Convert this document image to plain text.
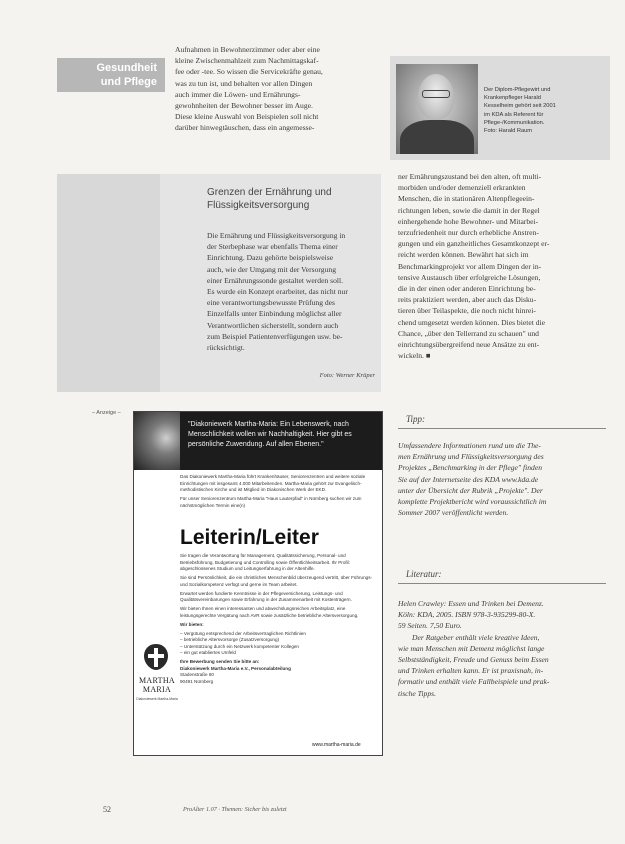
Gesundheit
und Pflege

Aufnahmen in Bewohnerzimmer oder aber eine

kleine Zwischenmahlzeit zum Nachmittagskaf-

fee oder -tee. So wissen die Servicekräfte genau,

was zu tun ist, und behalten vor allen Dingen

auch immer die Löwen- und Ernährungs-

gewohnheiten der Bewohner besser im Auge.

Diese kleine Auswahl von Beispielen soll nicht

darüber hinwegtäuschen, dass ein angemesse-

Der Diplom-Pflegewirt und
Krankenpfleger Harald
Kesselheim gehört seit 2001
im KDA als Referent für
Pflege-/Kommunikation.
Foto: Harald Raum
Grenzen der Ernährung und
Flüssigkeitsversorgung

Die Ernährung und Flüssigkeitsversorgung in

der Sterbephase war ebenfalls Thema einer

Einrichtung. Dazu gehörte beispielsweise

auch, wie der Umgang mit der Versorgung

einer Ernährungssonde gestaltet werden soll.

Es wurde ein Konzept erarbeitet, das nicht nur

eine verantwortungsbewusste Prüfung des

Einzelfalls unter Einbindung möglichst aller

Verantwortlichen sicherstellt, sondern auch

zum Beispiel Patientenverfügungen usw. be-

rücksichtigt.

Foto: Werner Krüper

ner Ernährungszustand bei den alten, oft multi-

morbiden und/oder demenziell erkrankten

Menschen, die in stationären Altenpflegeein-

richtungen leben, sowie die damit in der Regel

einhergehende hohe Bewohner- und Mitarbei-

terzufriedenheit nur durch erhebliche Anstren-

gungen und ein ganzheitliches Gesamtkonzept er-

reicht werden können. Bewährt hat sich im

Benchmarkingprojekt vor allem Dingen der in-

tensive Austausch über erfolgreiche Lösungen,

die in der einen oder anderen Einrichtung be-

reits praktiziert werden, aber auch das Disku-

tieren über Teilaspekte, die noch nicht hinrei-

chend umgesetzt werden können. Dies bietet die

Chance, „über den Tellerrand zu schauen" und

einrichtungsübergreifend neue Ansätze zu ent-

wickeln. ■

Tipp:

Umfassendere Informationen rund um die The-

men Ernährung und Flüssigkeitsversorgung des

Projektes „Benchmarking in der Pflege" finden

Sie auf der Internetseite des KDA www.kda.de

unter der Übersicht der Rubrik „Projekte". Der

komplette Projektbericht wird voraussichtlich im

Sommer 2007 veröffentlicht werden.

Literatur:

Helen Crawley: Essen und Trinken bei Demenz.

Köln: KDA, 2005. ISBN 978-3-935299-80-X.

59 Seiten. 7,50 Euro.

Der Ratgeber enthält viele kreative Ideen,

wie man Menschen mit Demenz möglichst lange

Selbstständigkeit, Freude und Genuss beim Essen

und Trinken erhalten kann. Er ist praxisnah, in-

formativ und enthält viele Fallbeispiele und prak-

tische Tipps.

– Anzeige –
"Diakoniewerk Martha-Maria: Ein Lebenswerk, nach Menschlichkeit wollen wir Nachhaltigkeit. Hier gibt es persönliche Zuwendung. Auf allen Ebenen."

Das Diakoniewerk Martha-Maria führt Krankenhäuser, Seniorenzentren und weitere soziale Einrichtungen mit insgesamt 4.000 Mitarbeitenden. Martha-Maria gehört zur Evangelisch-methodistischen Kirche und ist Mitglied im Diakonischen Werk der EKD.

Für unser Seniorenzentrum Martha-Maria "Haus Lauterpfad" in Nürnberg suchen wir zum nächstmöglichen Termin eine(n)

Leiterin/Leiter

Sie tragen die Verantwortung für Management, Qualitätssicherung, Personal- und Betriebsführung, Budgetierung und Controlling sowie Öffentlichkeitsarbeit. Ihr Profil: abgeschlossenes Studium und Leitungserfahrung in der Altenhilfe.

Sie sind Persönlichkeit, die ein christliches Menschenbild überzeugend vertritt, über Führungs- und Sozialkompetenz verfügt und gerne im Team arbeitet.

Erwartet werden fundierte Kenntnisse in der Pflegeversicherung, Leistungs- und Qualitätsvereinbarungen sowie Erfahrung in der Zusammenarbeit mit Kostenträgern.

Wir bieten Ihnen einen interessanten und abwechslungsreichen Arbeitsplatz, eine leistungsgerechte Vergütung nach AVR sowie zusätzliche betriebliche Altersversorgung.

Wir bieten:

– Vergütung entsprechend der Arbeitsvertraglichen Richtlinien

– betriebliche Altersvorsorge (Zusatzversorgung)

– Unterstützung durch ein Netzwerk kompetenter Kollegen

– ein gut etabliertes Umfeld

Ihre Bewerbung senden Sie bitte an:

Diakoniewerk Martha-Maria e.V., Personalabteilung

Stadenstraße 60

90491 Nürnberg

www.martha-maria.de
MARTHA
MARIA
Diakoniewerk Martha-Maria
52	ProAlter 1.07 · Themen: Sicher bis zuletzt
